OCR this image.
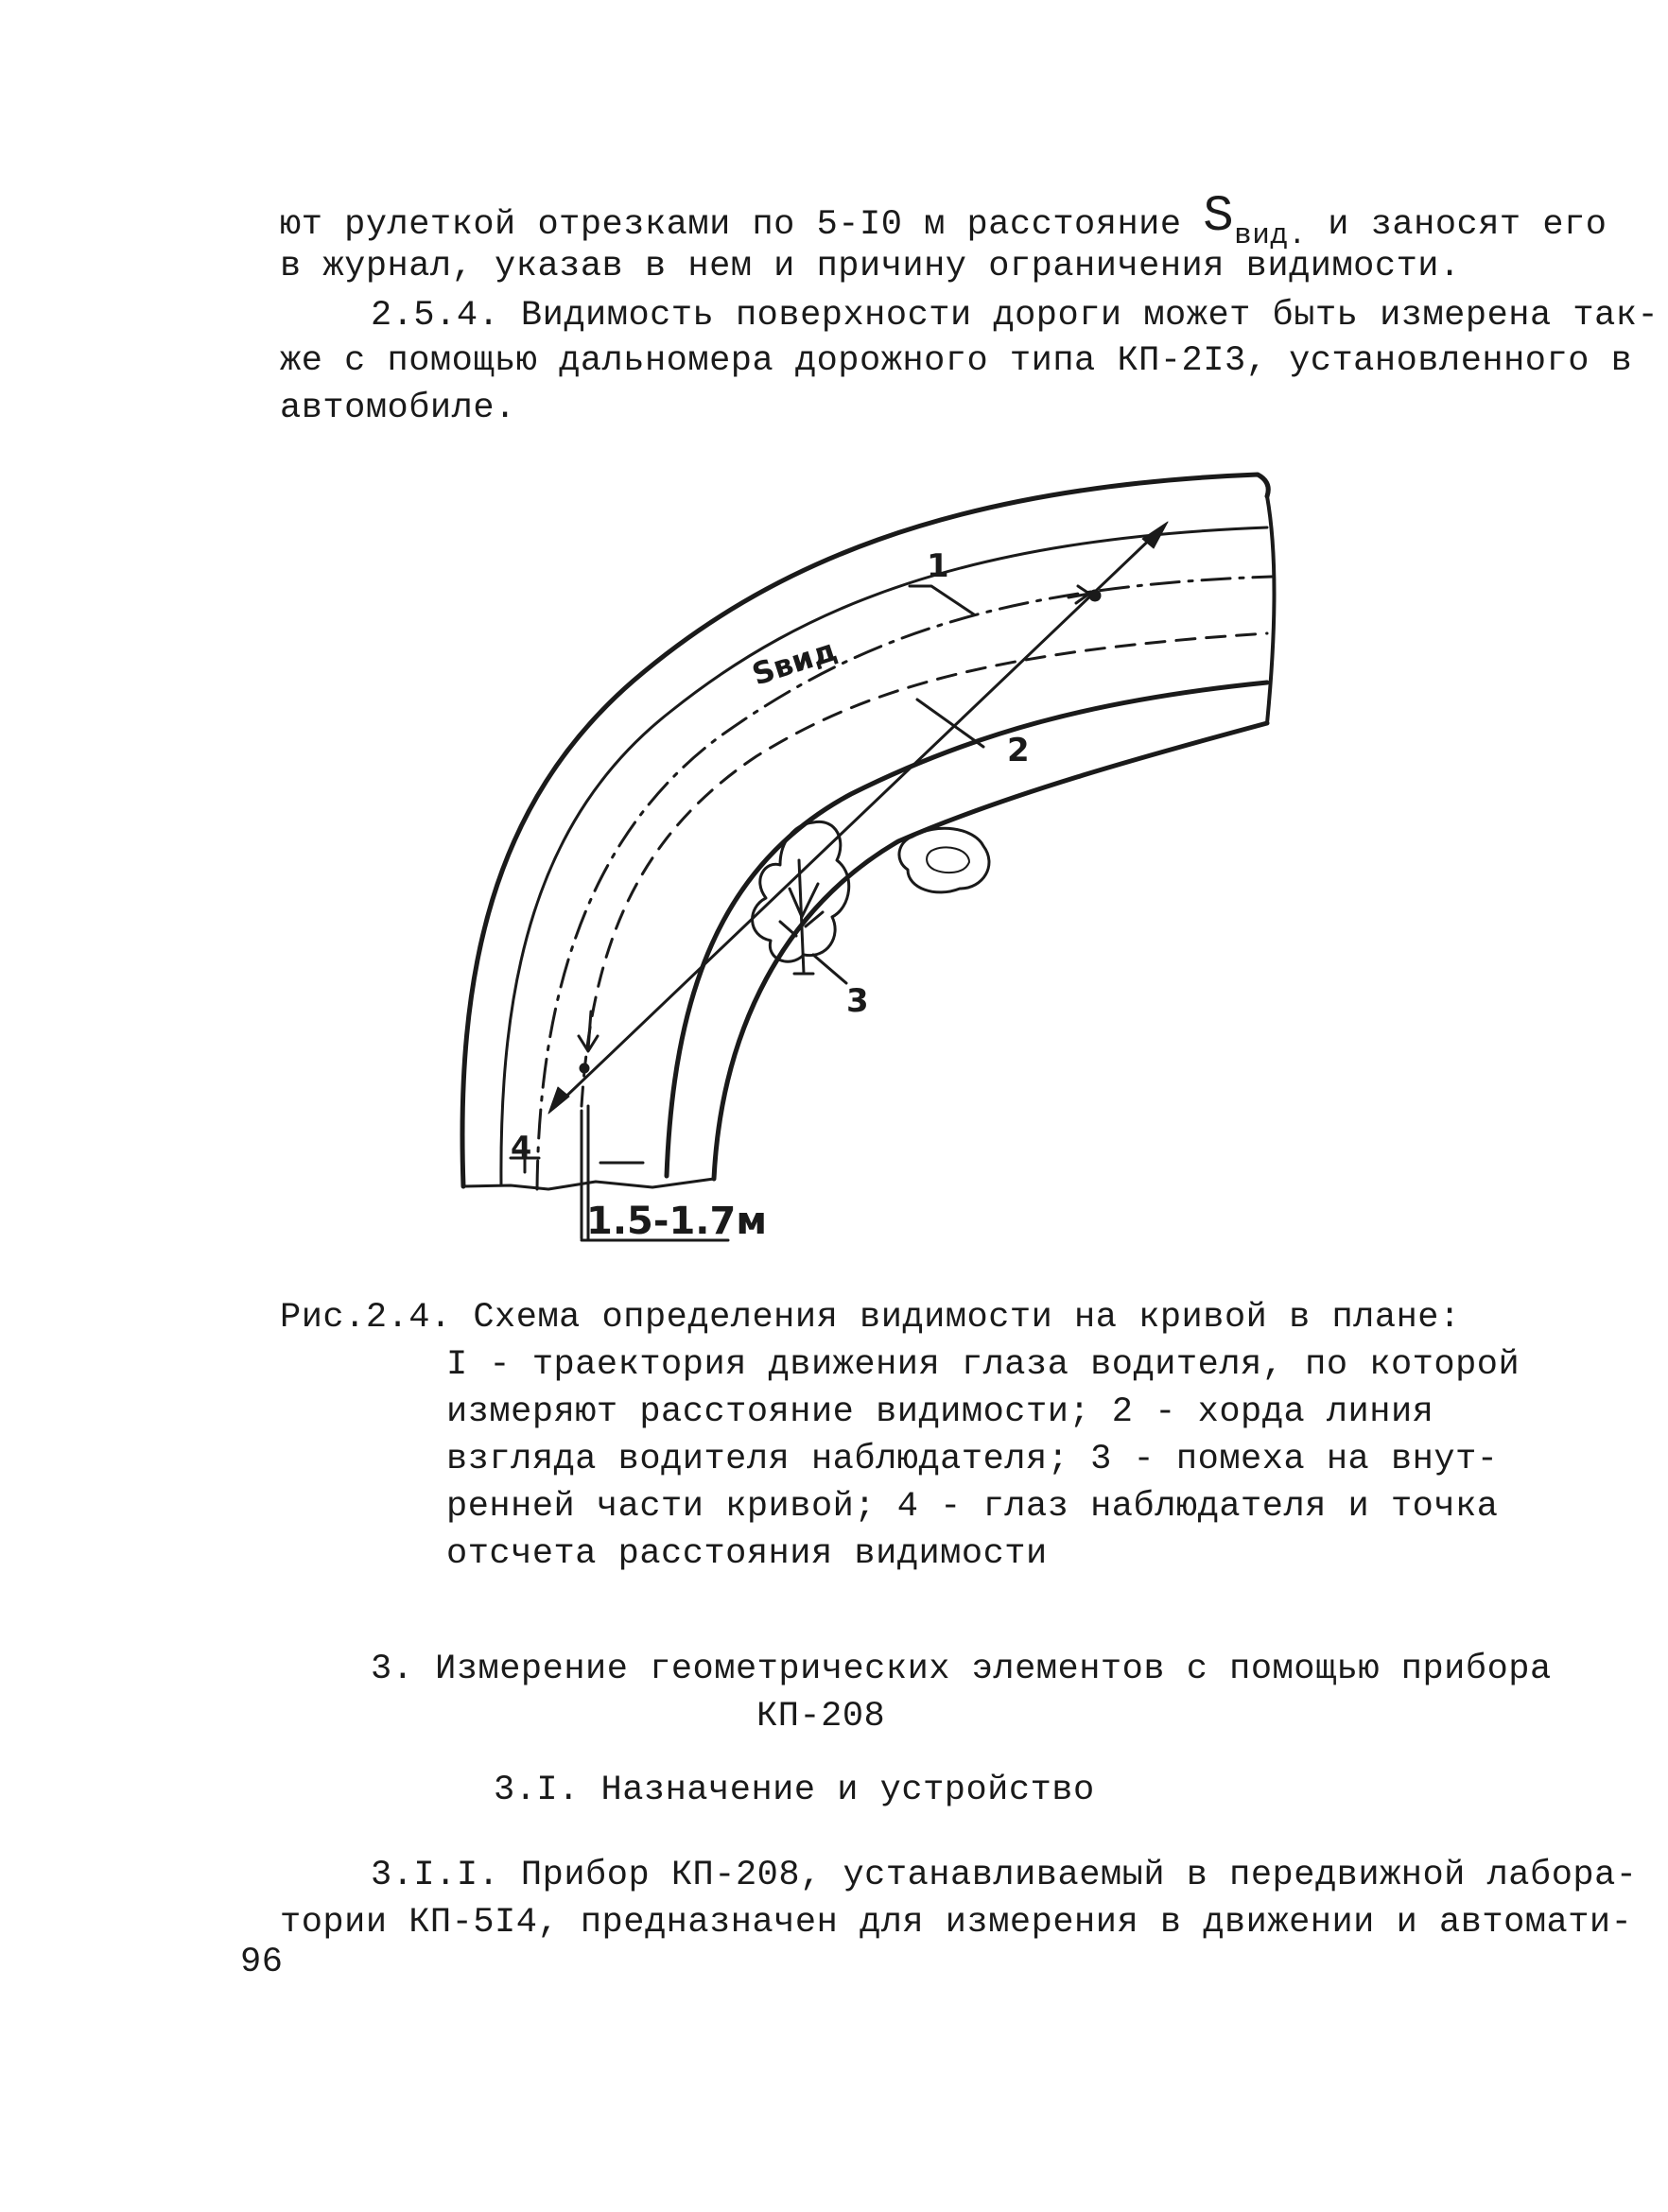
ют рулеткой отрезками по 5-I0 м расстояние $S_{вид.}$ и заносят его
в журнал, указав в нем и причину ограничения видимости.
2.5.4. Видимость поверхности дороги может быть измерена так-
же с помощью дальномера дорожного типа КП-2I3, установленного в
автомобиле.
1
2
3
4
Sвид
1.5-1.7м
Рис.2.4. Схема определения видимости на кривой в плане:
I - траектория движения глаза водителя, по которой
измеряют расстояние видимости; 2 - хорда линия
взгляда водителя наблюдателя; 3 - помеха на внут-
ренней части кривой; 4 - глаз наблюдателя и точка
отсчета расстояния видимости
3. Измерение геометрических элементов с помощью прибора
КП-208
3.I. Назначение и устройство
3.I.I. Прибор КП-208, устанавливаемый в передвижной лабора-
тории КП-5I4, предназначен для измерения в движении и автомати-
96
